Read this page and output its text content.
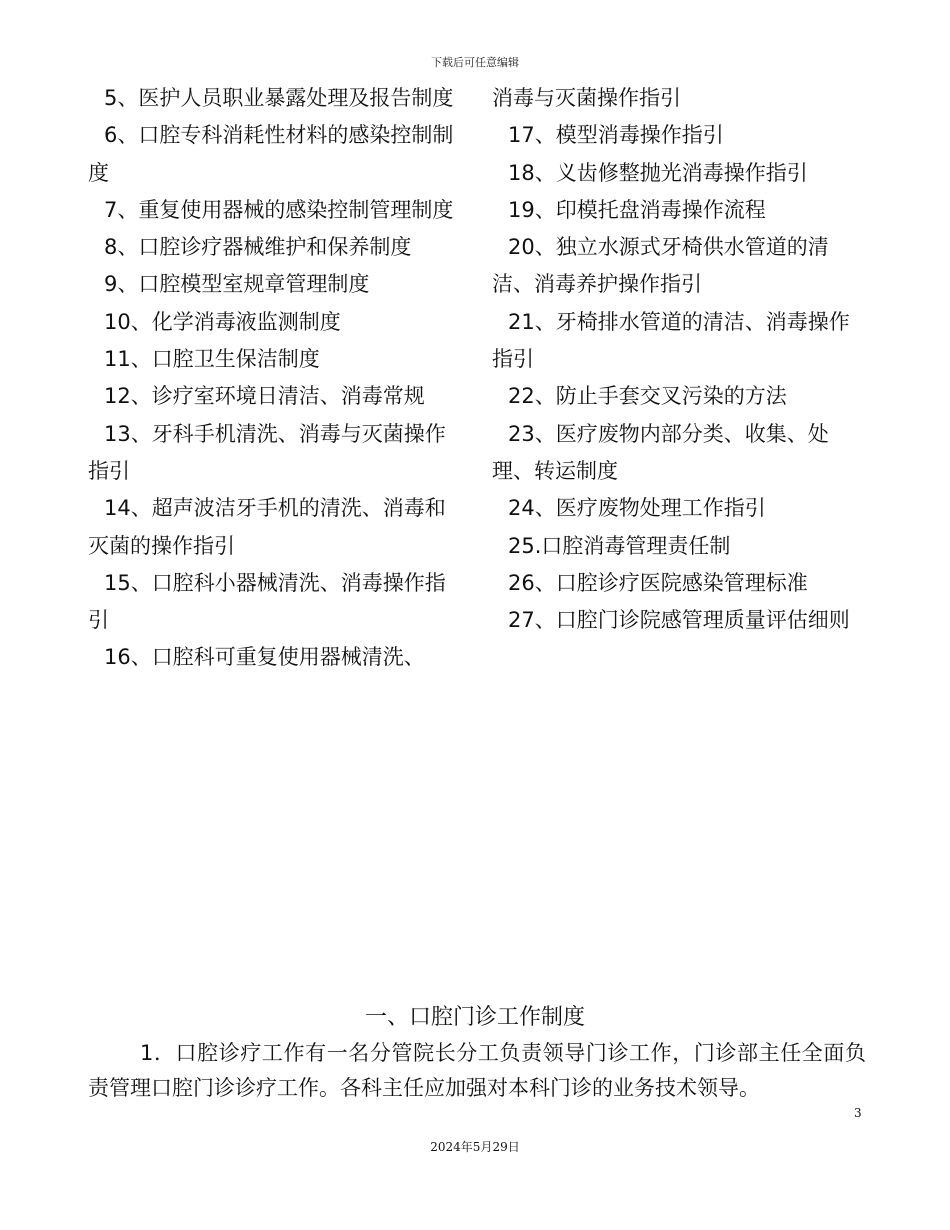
下载后可任意编辑

5、医护人员职业暴露处理及报告制度

6、口腔专科消耗性材料的感染控制制度

7、重复使用器械的感染控制管理制度

8、口腔诊疗器械维护和保养制度

9、口腔模型室规章管理制度

10、化学消毒液监测制度

11、口腔卫生保洁制度

12、诊疗室环境日清洁、消毒常规

13、牙科手机清洗、消毒与灭菌操作指引

14、超声波洁牙手机的清洗、消毒和灭菌的操作指引

15、口腔科小器械清洗、消毒操作指引

16、口腔科可重复使用器械清洗、

消毒与灭菌操作指引

17、模型消毒操作指引

18、义齿修整抛光消毒操作指引

19、印模托盘消毒操作流程

20、独立水源式牙椅供水管道的清洁、消毒养护操作指引

21、牙椅排水管道的清洁、消毒操作指引

22、防止手套交叉污染的方法

23、医疗废物内部分类、收集、处理、转运制度

24、医疗废物处理工作指引

25.口腔消毒管理责任制

26、口腔诊疗医院感染管理标准

27、口腔门诊院感管理质量评估细则

一、口腔门诊工作制度
1．口腔诊疗工作有一名分管院长分工负责领导门诊工作，门诊部主任全面负责管理口腔门诊诊疗工作。各科主任应加强对本科门诊的业务技术领导。
3
2024年5月29日
